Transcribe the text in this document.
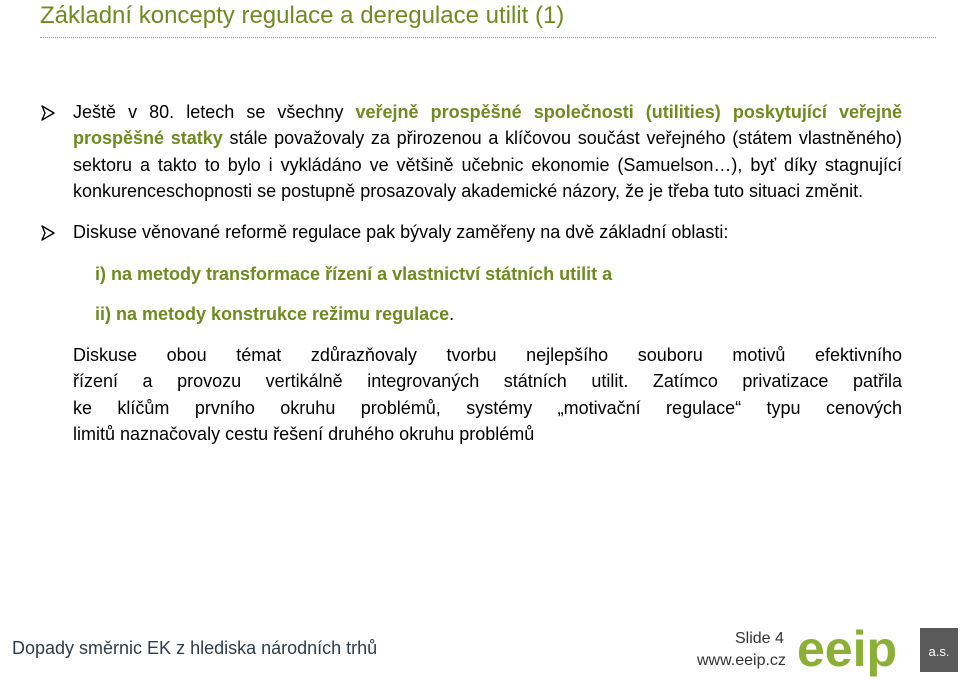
Základní koncepty regulace a deregulace utilit (1)
Ještě v 80. letech se všechny veřejně prospěšné společnosti (utilities) poskytující veřejně prospěšné statky stále považovaly za přirozenou a klíčovou součást veřejného (státem vlastněného) sektoru a takto to bylo i vykládáno ve většině učebnic ekonomie (Samuelson…), byť díky stagnující konkurenceschopnosti se postupně prosazovaly akademické názory, že je třeba tuto situaci změnit.
Diskuse věnované reformě regulace pak bývaly zaměřeny na dvě základní oblasti:
i) na metody transformace řízení a vlastnictví státních utilit a
ii) na metody konstrukce režimu regulace.
Diskuse obou témat zdůrazňovaly tvorbu nejlepšího souboru motivů efektivního
řízení a provozu vertikálně integrovaných státních utilit. Zatímco privatizace patřila
ke klíčům prvního okruhu problémů, systémy „motivační regulace“ typu cenových
limitů naznačovaly cestu řešení druhého okruhu problémů
Dopady směrnic EK z hlediska národních trhů	Slide 4
www.eeip.cz eeip a.s.
